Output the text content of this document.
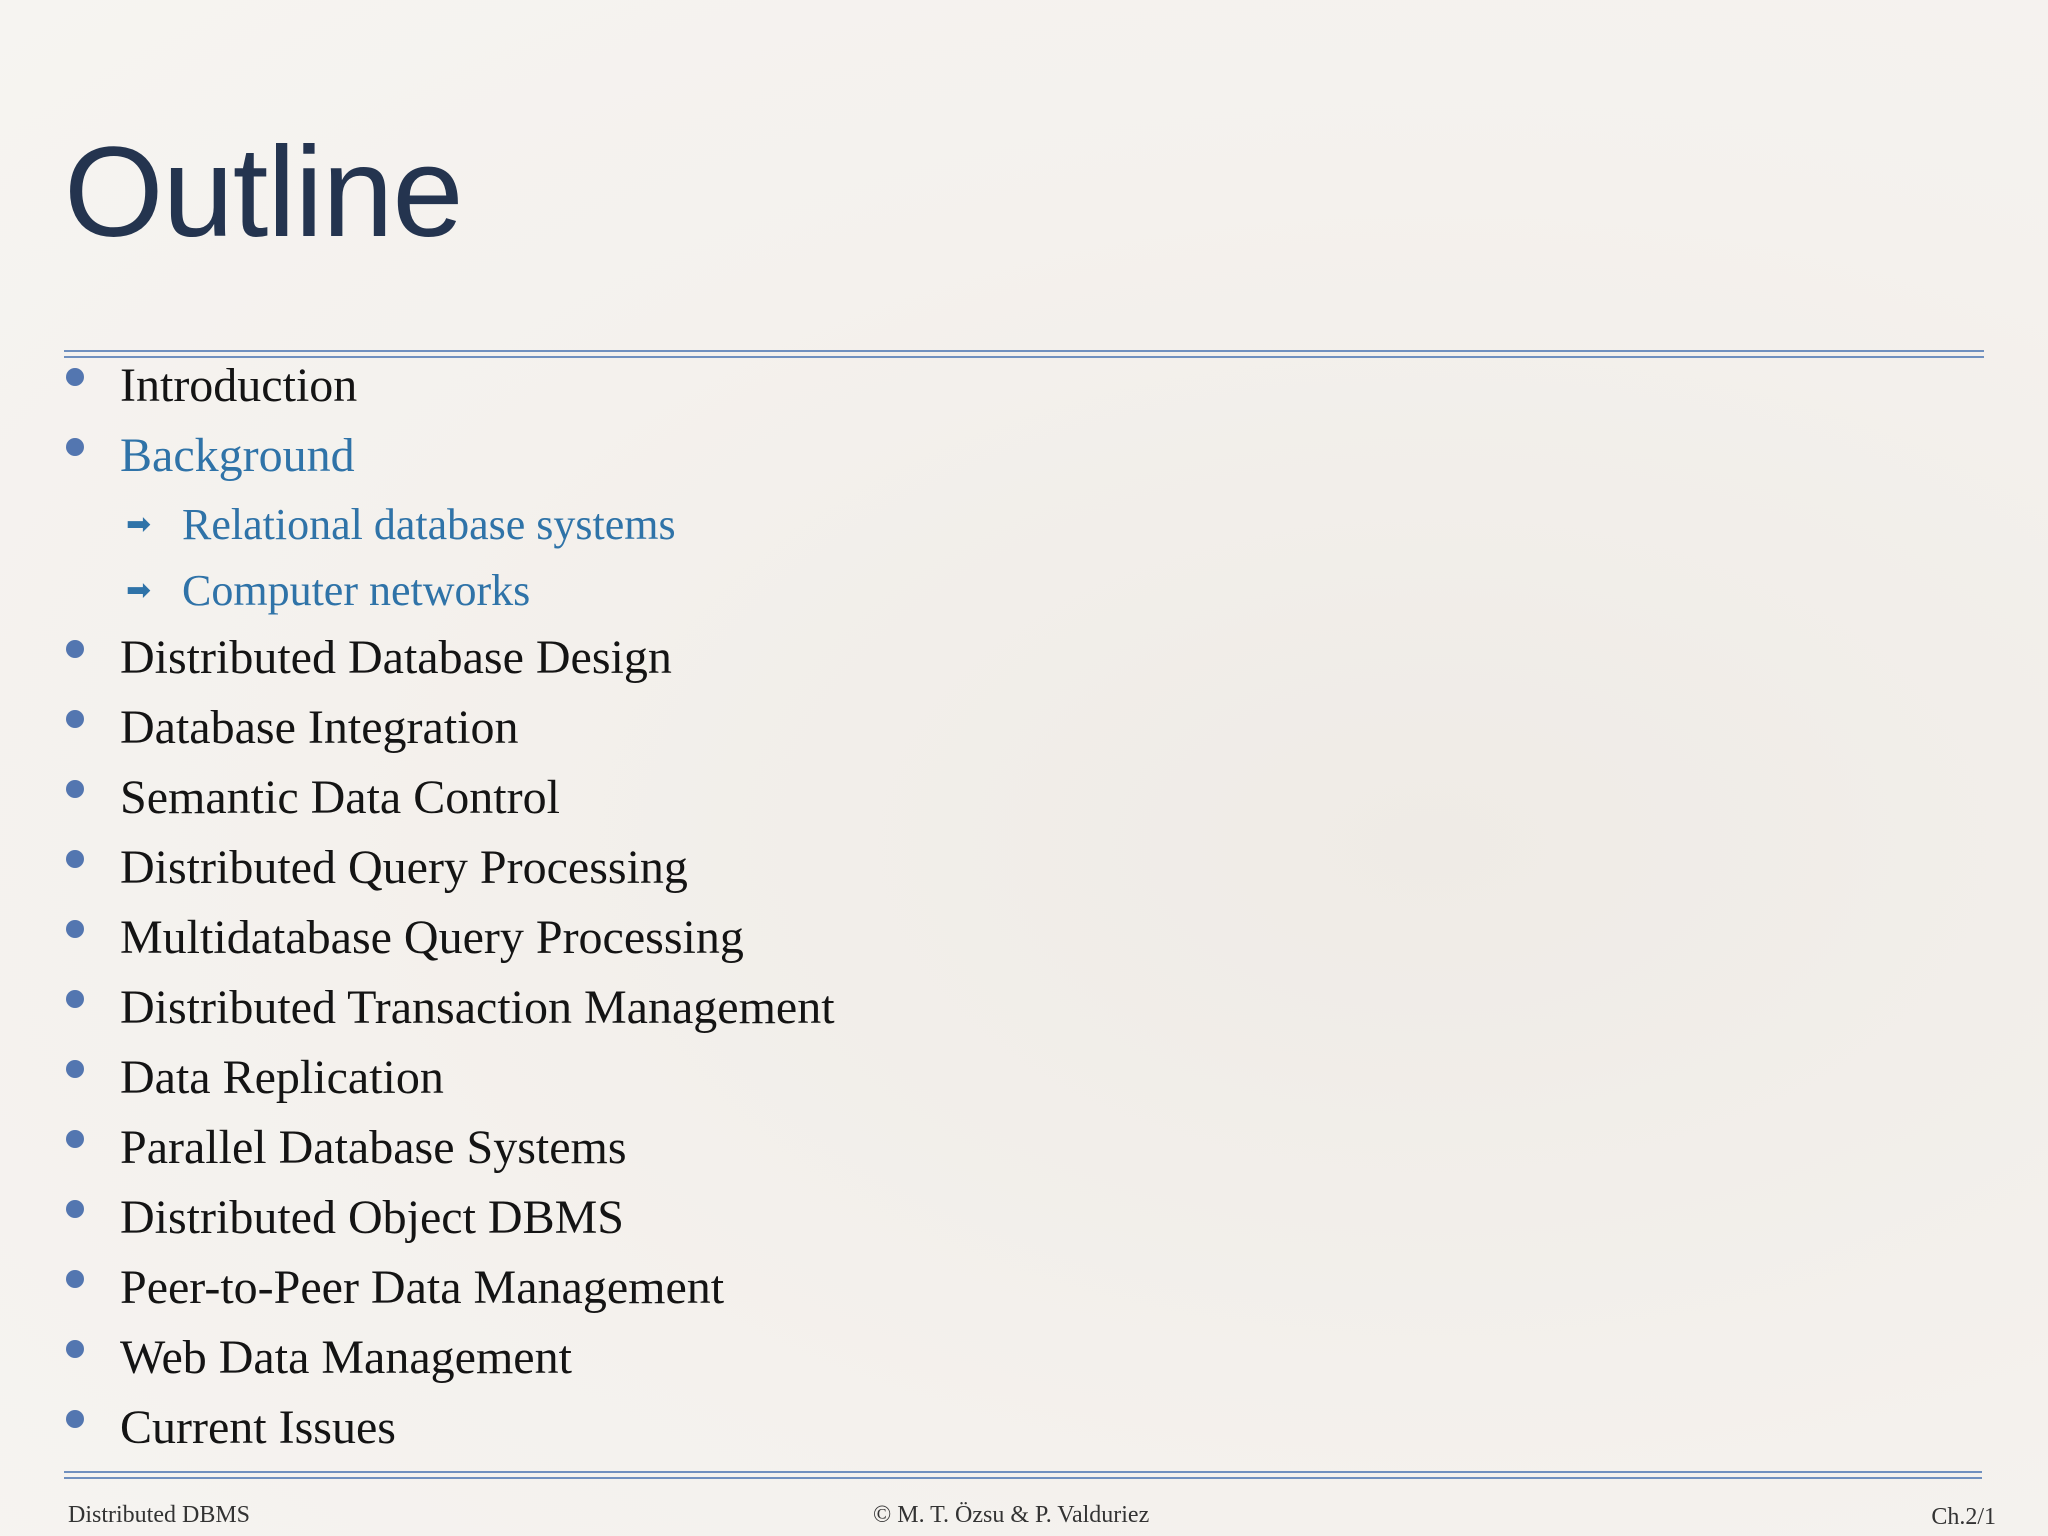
Outline
Introduction
Background
➡ Relational database systems
➡ Computer networks
Distributed Database Design
Database Integration
Semantic Data Control
Distributed Query Processing
Multidatabase Query Processing
Distributed Transaction Management
Data Replication
Parallel Database Systems
Distributed Object DBMS
Peer-to-Peer Data Management
Web Data Management
Current Issues
Distributed DBMS	© M. T. Özsu & P. Valduriez	Ch.2/1
